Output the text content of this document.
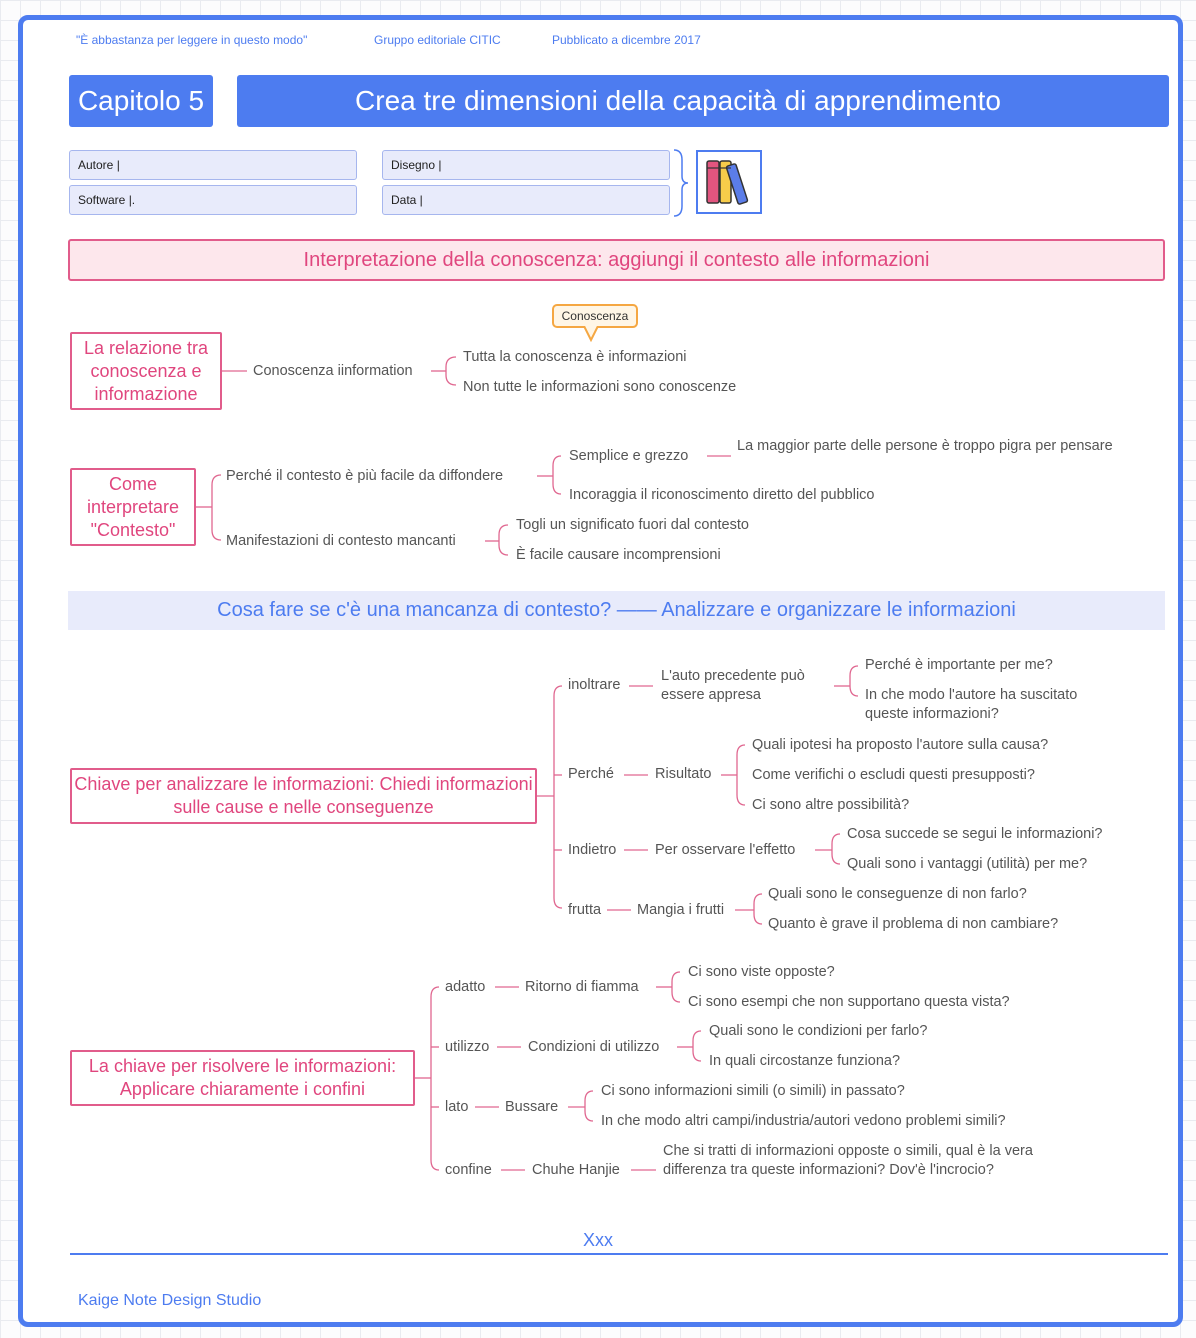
"È abbastanza per leggere in questo modo"	Gruppo editoriale CITIC	Pubblicato a dicembre 2017
Capitolo 5	Crea tre dimensioni della capacità di apprendimento
Autore |
Software |.
Disegno |
Data |
Interpretazione della conoscenza: aggiungi il contesto alle informazioni
Conoscenza
La relazione tra conoscenza e informazione
Conoscenza iinformation
Tutta la conoscenza è informazioni
Non tutte le informazioni sono conoscenze
Come interpretare "Contesto"
Perché il contesto è più facile da diffondere
Semplice e grezzo
La maggior parte delle persone è troppo pigra per pensare
Incoraggia il riconoscimento diretto del pubblico
Manifestazioni di contesto mancanti
Togli un significato fuori dal contesto
È facile causare incomprensioni
Cosa fare se c'è una mancanza di contesto? —— Analizzare e organizzare le informazioni
Chiave per analizzare le informazioni: Chiedi informazioni sulle cause e nelle conseguenze
inoltrare
L'auto precedente può essere appresa
Perché è importante per me?
In che modo l'autore ha suscitato queste informazioni?
Perché	Risultato
Quali ipotesi ha proposto l'autore sulla causa?
Come verifichi o escludi questi presupposti?
Ci sono altre possibilità?
Indietro	Per osservare l'effetto
Cosa succede se segui le informazioni?
Quali sono i vantaggi (utilità) per me?
frutta Mangia i frutti
Quali sono le conseguenze di non farlo?
Quanto è grave il problema di non cambiare?
La chiave per risolvere le informazioni: Applicare chiaramente i confini
adatto	Ritorno di fiamma
Ci sono viste opposte?
Ci sono esempi che non supportano questa vista?
utilizzo	Condizioni di utilizzo
Quali sono le condizioni per farlo?
In quali circostanze funziona?
lato	Bussare
Ci sono informazioni simili (o simili) in passato?
In che modo altri campi/industria/autori vedono problemi simili?
confine	Chuhe Hanjie
Che si tratti di informazioni opposte o simili, qual è la vera differenza tra queste informazioni? Dov'è l'incrocio?
Xxx
Kaige Note Design Studio
